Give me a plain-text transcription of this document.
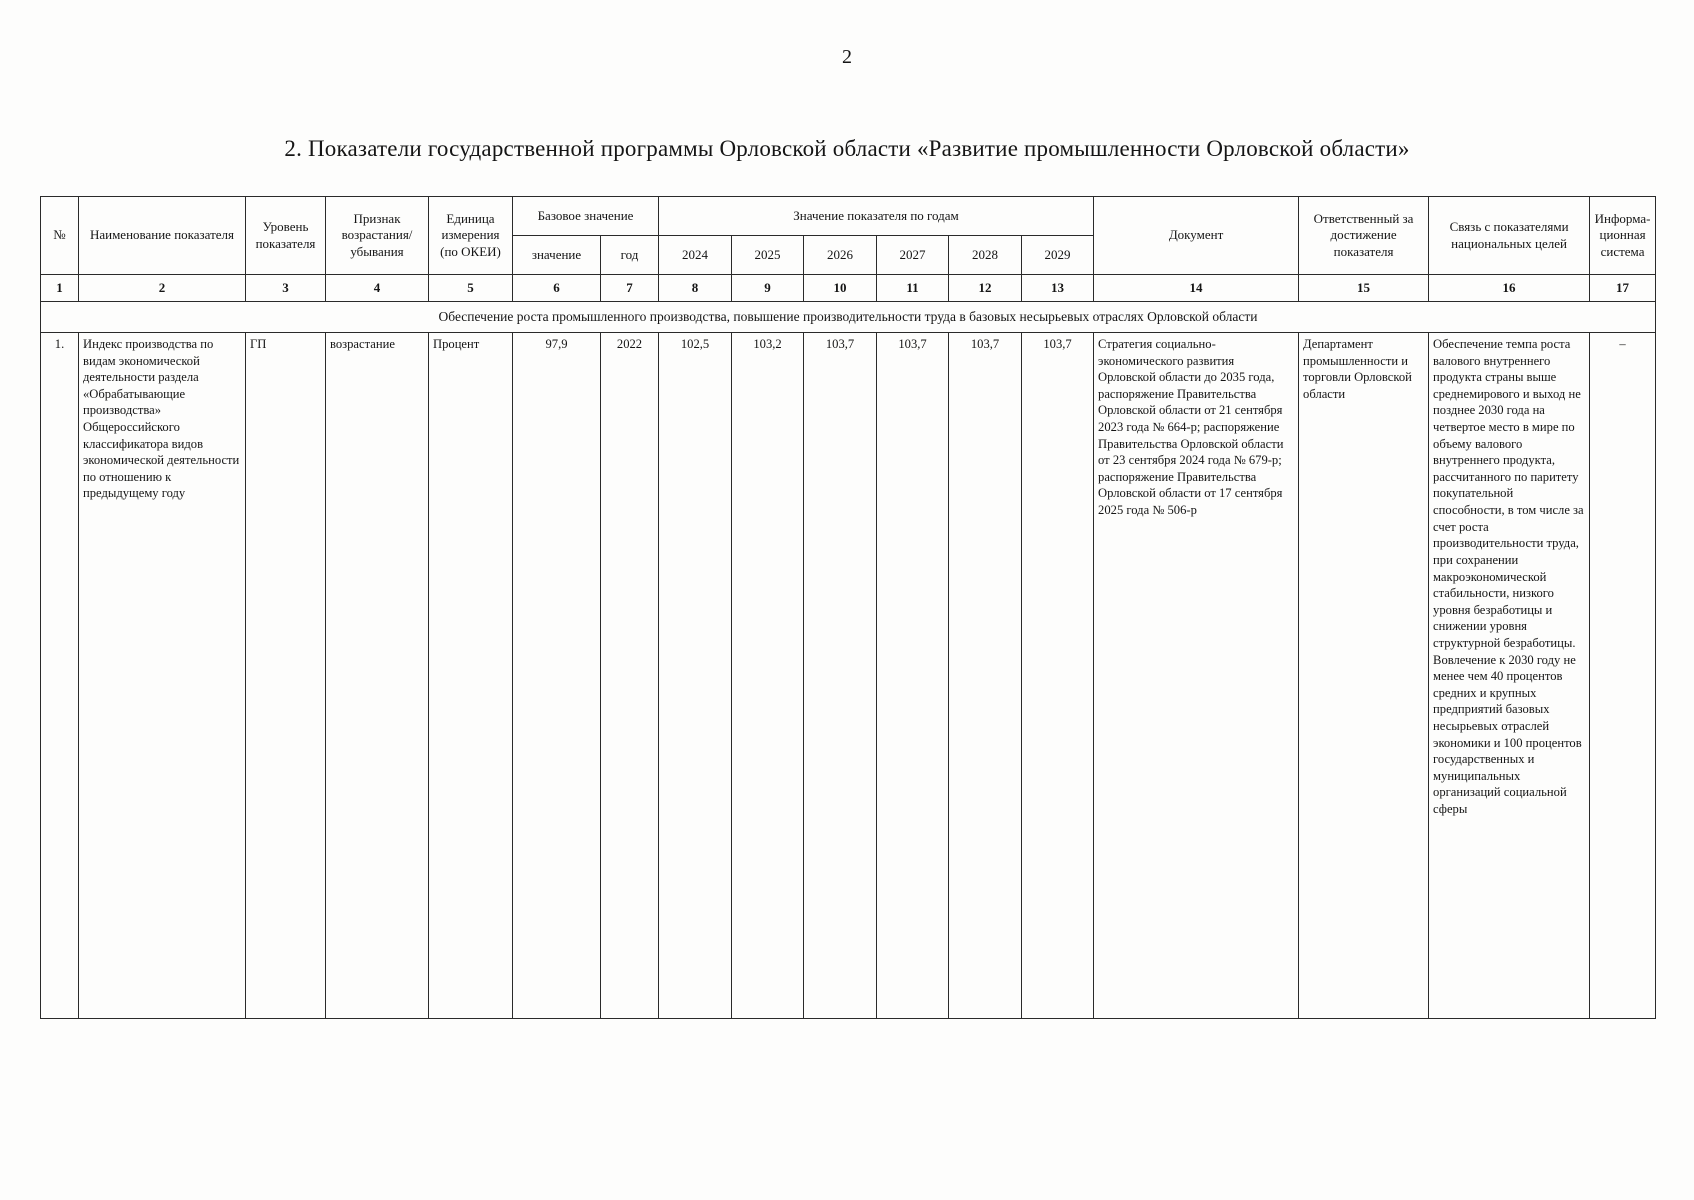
2
2. Показатели государственной программы Орловской области «Развитие промышленности Орловской области»
№	Наименование показателя	Уровень показателя	Признак возрастания/ убывания	Единица измерения (по ОКЕИ)	Базовое значение		Значение показателя по годам						Документ	Ответственный за достижение показателя	Связь с показателями национальных целей	Информа-ционная система
					значение	год	2024	2025	2026	2027	2028	2029				
1	2	3	4	5	6	7	8	9	10	11	12	13	14	15	16	17
Обеспечение роста промышленного производства, повышение производительности труда в базовых несырьевых отраслях Орловской области																
1.	Индекс производства по видам экономической деятельности раздела «Обрабатывающие производства» Общероссийского классификатора видов экономической деятельности по отношению к предыдущему году	ГП	возрастание	Процент	97,9	2022	102,5	103,2	103,7	103,7	103,7	103,7	Стратегия социально-экономического развития Орловской области до 2035 года, распоряжение Правительства Орловской области от 21 сентября 2023 года № 664-р; распоряжение Правительства Орловской области от 23 сентября 2024 года № 679-р; распоряжение Правительства Орловской области от 17 сентября 2025 года № 506-р	Департамент промышленности и торговли Орловской области	Обеспечение темпа роста валового внутреннего продукта страны выше среднемирового и выход не позднее 2030 года на четвертое место в мире по объему валового внутреннего продукта, рассчитанного по паритету покупательной способности, в том числе за счет роста производительности труда, при сохранении макроэкономической стабильности, низкого уровня безработицы и снижении уровня структурной безработицы. Вовлечение к 2030 году не менее чем 40 процентов средних и крупных предприятий базовых несырьевых отраслей экономики и 100 процентов государственных и муниципальных организаций социальной сферы	–
